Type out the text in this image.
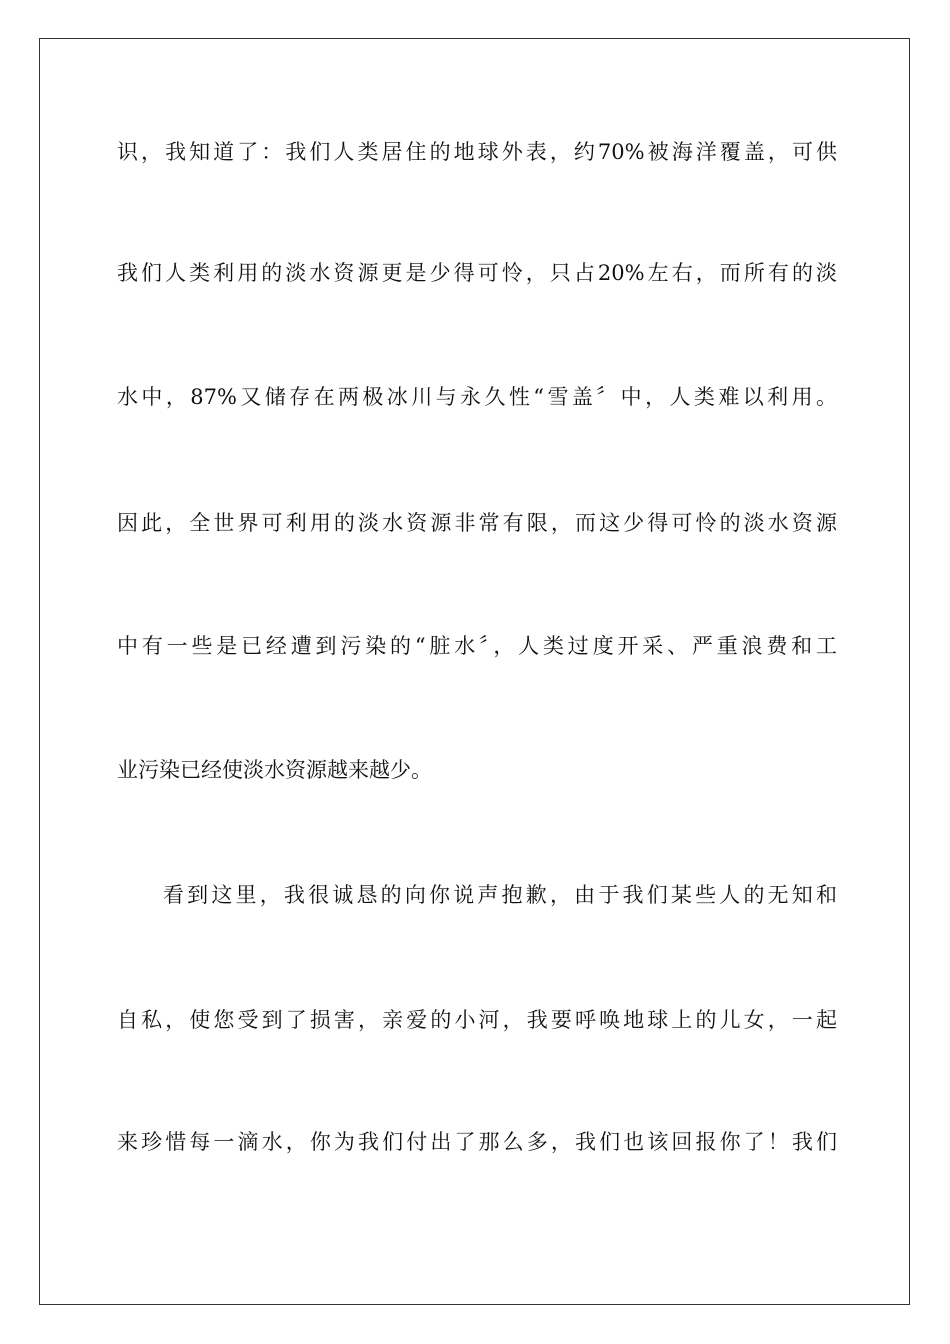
识，我知道了：我们人类居住的地球外表，约70%被海洋覆盖，可供
我们人类利用的淡水资源更是少得可怜，只占20%左右，而所有的淡
水中，87%又储存在两极冰川与永久性“雪盖〞中，人类难以利用。
因此，全世界可利用的淡水资源非常有限，而这少得可怜的淡水资源
中有一些是已经遭到污染的“脏水〞，人类过度开采、严重浪费和工
业污染已经使淡水资源越来越少。
看到这里，我很诚恳的向你说声抱歉，由于我们某些人的无知和
自私，使您受到了损害，亲爱的小河，我要呼唤地球上的儿女，一起
来珍惜每一滴水，你为我们付出了那么多，我们也该回报你了！我们
